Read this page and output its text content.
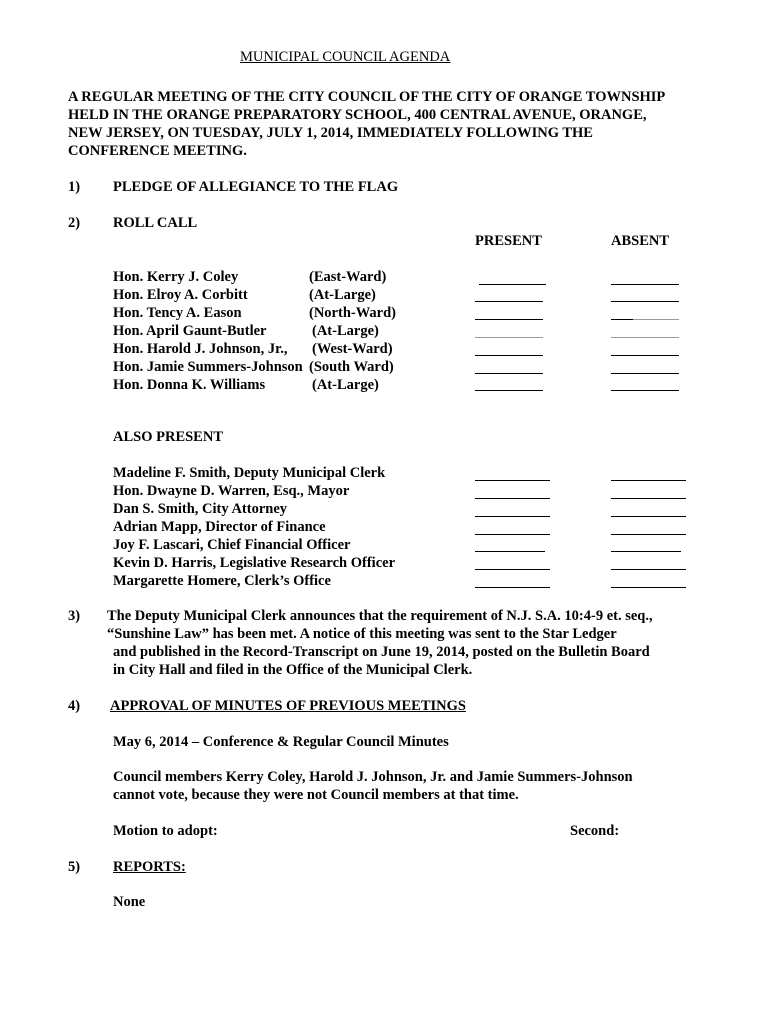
MUNICIPAL COUNCIL AGENDA
A REGULAR MEETING OF THE CITY COUNCIL OF THE CITY OF ORANGE TOWNSHIP
HELD IN THE ORANGE PREPARATORY SCHOOL, 400 CENTRAL AVENUE, ORANGE,
NEW JERSEY, ON TUESDAY, JULY 1, 2014, IMMEDIATELY FOLLOWING THE
CONFERENCE MEETING.
1) PLEDGE OF ALLEGIANCE TO THE FLAG
2) ROLL CALL
PRESENT	ABSENT
Hon. Kerry J. Coley	(East-Ward)
Hon. Elroy A. Corbitt	(At-Large)
Hon. Tency A. Eason	(North-Ward)
Hon. April Gaunt-Butler	(At-Large)
Hon. Harold J. Johnson, Jr., (West-Ward)
Hon. Jamie Summers-Johnson (South Ward)
Hon. Donna K. Williams	(At-Large)
ALSO PRESENT
Madeline F. Smith, Deputy Municipal Clerk
Hon. Dwayne D. Warren, Esq., Mayor
Dan S. Smith, City Attorney
Adrian Mapp, Director of Finance
Joy F. Lascari, Chief Financial Officer
Kevin D. Harris, Legislative Research Officer
Margarette Homere, Clerk’s Office
3) The Deputy Municipal Clerk announces that the requirement of N.J. S.A. 10:4-9 et. seq.,
“Sunshine Law” has been met. A notice of this meeting was sent to the Star Ledger
and published in the Record-Transcript on June 19, 2014, posted on the Bulletin Board
in City Hall and filed in the Office of the Municipal Clerk.
4) APPROVAL OF MINUTES OF PREVIOUS MEETINGS
May 6, 2014 – Conference & Regular Council Minutes
Council members Kerry Coley, Harold J. Johnson, Jr. and Jamie Summers-Johnson
cannot vote, because they were not Council members at that time.
Motion to adopt:	Second:
5) REPORTS:
None
